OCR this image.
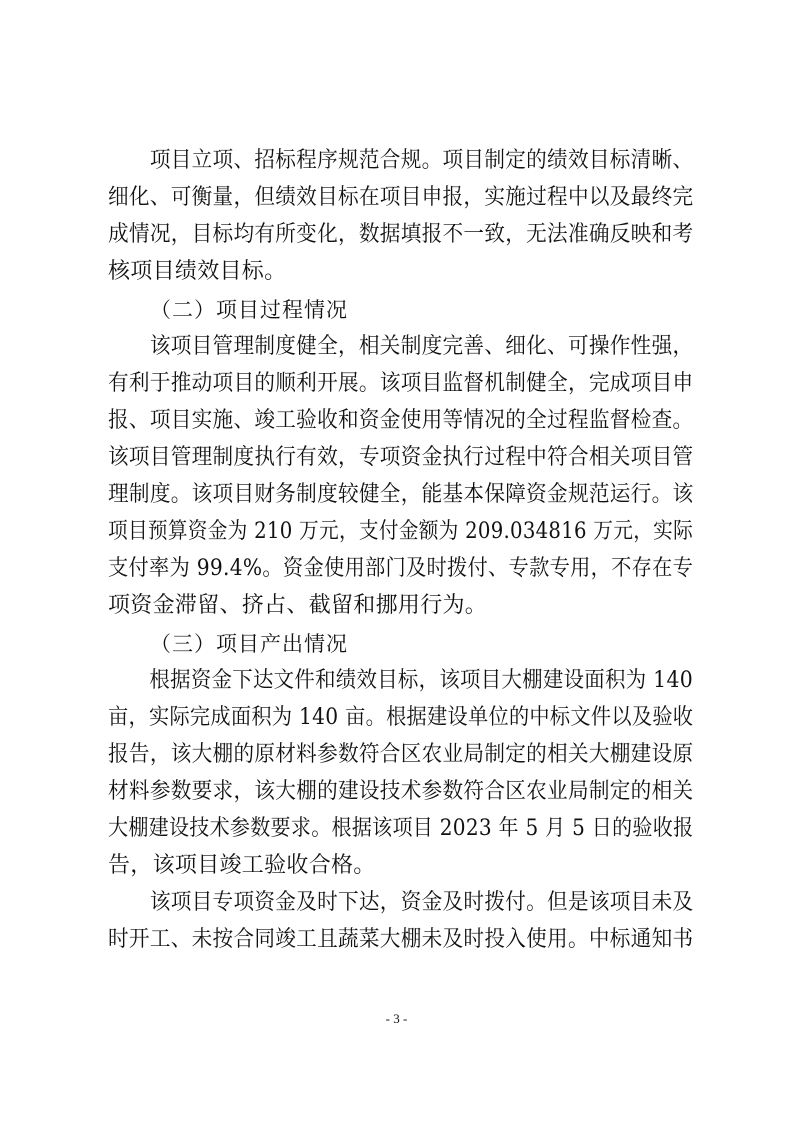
　　项目立项、招标程序规范合规。项目制定的绩效目标清晰、
细化、可衡量，但绩效目标在项目申报，实施过程中以及最终完
成情况，目标均有所变化，数据填报不一致，无法准确反映和考
核项目绩效目标。
（二）项目过程情况
　　该项目管理制度健全，相关制度完善、细化、可操作性强，
有利于推动项目的顺利开展。该项目监督机制健全，完成项目申
报、项目实施、竣工验收和资金使用等情况的全过程监督检查。
该项目管理制度执行有效，专项资金执行过程中符合相关项目管
理制度。该项目财务制度较健全，能基本保障资金规范运行。该
项目预算资金为 210 万元，支付金额为 209.034816 万元，实际
支付率为 99.4%。资金使用部门及时拨付、专款专用，不存在专
项资金滞留、挤占、截留和挪用行为。
（三）项目产出情况
　　根据资金下达文件和绩效目标，该项目大棚建设面积为 140
亩，实际完成面积为 140 亩。根据建设单位的中标文件以及验收
报告，该大棚的原材料参数符合区农业局制定的相关大棚建设原
材料参数要求，该大棚的建设技术参数符合区农业局制定的相关
大棚建设技术参数要求。根据该项目 2023 年 5 月 5 日的验收报
告，该项目竣工验收合格。
　　该项目专项资金及时下达，资金及时拨付。但是该项目未及
时开工、未按合同竣工且蔬菜大棚未及时投入使用。中标通知书
- 3 -
